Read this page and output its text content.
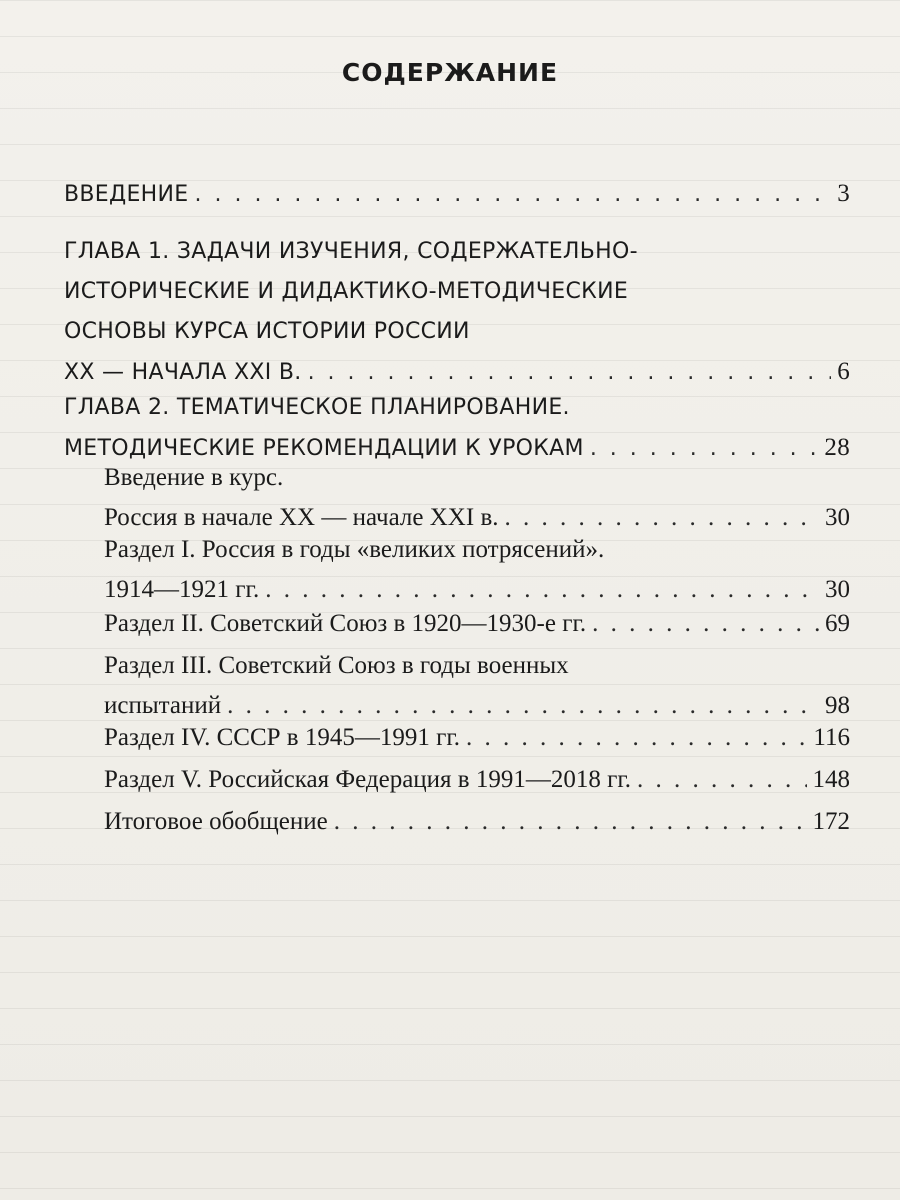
СОДЕРЖАНИЕ
ВВЕДЕНИЕ . . .	3
ГЛАВА 1. ЗАДАЧИ ИЗУЧЕНИЯ, СОДЕРЖАТЕЛЬНО-
ИСТОРИЧЕСКИЕ И ДИДАКТИКО-МЕТОДИЧЕСКИЕ
ОСНОВЫ КУРСА ИСТОРИИ РОССИИ
XX — НАЧАЛА XXI В. . . .	6
ГЛАВА 2. ТЕМАТИЧЕСКОЕ ПЛАНИРОВАНИЕ.
МЕТОДИЧЕСКИЕ РЕКОМЕНДАЦИИ К УРОКАМ . . .	28
Введение в курс.
Россия в начале XX — начале XXI в. . . .	30
Раздел I. Россия в годы «великих потрясений».
1914—1921 гг. . . .	30
Раздел II. Советский Союз в 1920—1930-е гг. . . .	69
Раздел III. Советский Союз в годы военных
испытаний . . .	98
Раздел IV. СССР в 1945—1991 гг. . . .	116
Раздел V. Российская Федерация в 1991—2018 гг. . . .	148
Итоговое обобщение . . .	172
